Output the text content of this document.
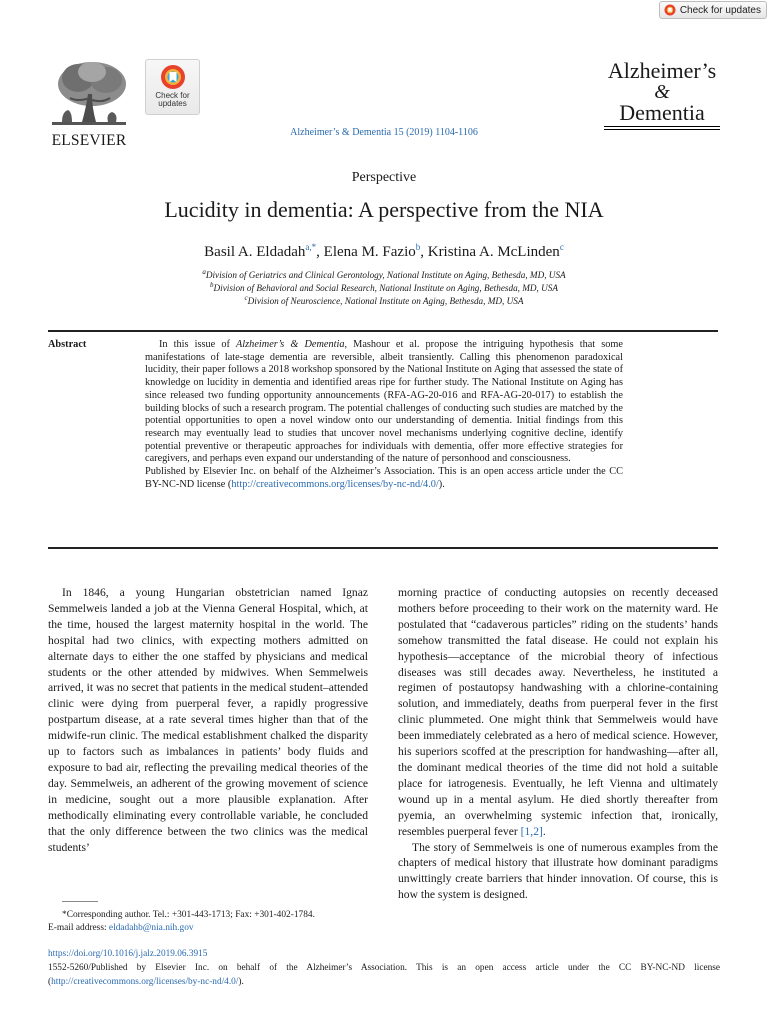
Check for updates
ELSEVIER
Check for
updates
Alzheimer’s & Dementia 15 (2019) 1104-1106
Alzheimer’s
&
Dementia
Perspective
Lucidity in dementia: A perspective from the NIA
Basil A. Eldadah$^{a,*}$, Elena M. Fazio$^b$, Kristina A. McLinden$^c$
$^a$Division of Geriatrics and Clinical Gerontology, National Institute on Aging, Bethesda, MD, USA
$^b$Division of Behavioral and Social Research, National Institute on Aging, Bethesda, MD, USA
$^c$Division of Neuroscience, National Institute on Aging, Bethesda, MD, USA
Abstract	In this issue of Alzheimer’s & Dementia, Mashour et al. propose the intriguing hypothesis that some manifestations of late-stage dementia are reversible, albeit transiently. Calling this phenomenon paradoxical lucidity, their paper follows a 2018 workshop sponsored by the National Institute on Aging that assessed the state of knowledge on lucidity in dementia and identified areas ripe for further study. The National Institute on Aging has since released two funding opportunity announcements (RFA-AG-20-016 and RFA-AG-20-017) to establish the building blocks of such a research program. The potential challenges of conducting such studies are matched by the potential opportunities to open a novel window onto our understanding of dementia. Initial findings from this research may eventually lead to studies that uncover novel mechanisms underlying cognitive decline, identify potential preventive or therapeutic approaches for individuals with dementia, offer more effective strategies for caregivers, and perhaps even expand our understanding of the nature of personhood and consciousness.

Published by Elsevier Inc. on behalf of the Alzheimer’s Association. This is an open access article under the CC BY-NC-ND license (http://creativecommons.org/licenses/by-nc-nd/4.0/).

In 1846, a young Hungarian obstetrician named Ignaz Semmelweis landed a job at the Vienna General Hospital, which, at the time, housed the largest maternity hospital in the world. The hospital had two clinics, with expecting mothers admitted on alternate days to either the one staffed by physicians and medical students or the other attended by midwives. When Semmelweis arrived, it was no secret that patients in the medical student–attended clinic were dying from puerperal fever, a rapidly progressive postpartum disease, at a rate several times higher than that of the midwife-run clinic. The medical establishment chalked the disparity up to factors such as imbalances in patients’ body fluids and exposure to bad air, reflecting the prevailing medical theories of the day. Semmelweis, an adherent of the growing movement of science in medicine, sought out a more plausible explanation. After methodically eliminating every controllable variable, he concluded that the only difference between the two clinics was the medical students’

morning practice of conducting autopsies on recently deceased mothers before proceeding to their work on the maternity ward. He postulated that “cadaverous particles” riding on the students’ hands somehow transmitted the fatal disease. He could not explain his hypothesis—acceptance of the microbial theory of infectious diseases was still decades away. Nevertheless, he instituted a regimen of postautopsy handwashing with a chlorine-containing solution, and immediately, deaths from puerperal fever in the first clinic plummeted. One might think that Semmelweis would have been immediately celebrated as a hero of medical science. However, his superiors scoffed at the prescription for handwashing—after all, the dominant medical theories of the time did not hold a suitable place for iatrogenesis. Eventually, he left Vienna and ultimately wound up in a mental asylum. He died shortly thereafter from pyemia, an overwhelming systemic infection that, ironically, resembles puerperal fever [1,2].

The story of Semmelweis is one of numerous examples from the chapters of medical history that illustrate how dominant paradigms unwittingly create barriers that hinder innovation. Of course, this is how the system is designed.

*Corresponding author. Tel.: +301-443-1713; Fax: +301-402-1784.
E-mail address: eldadahb@nia.nih.gov
https://doi.org/10.1016/j.jalz.2019.06.3915
1552-5260/Published by Elsevier Inc. on behalf of the Alzheimer’s Association. This is an open access article under the CC BY-NC-ND license (http://creativecommons.org/licenses/by-nc-nd/4.0/).
